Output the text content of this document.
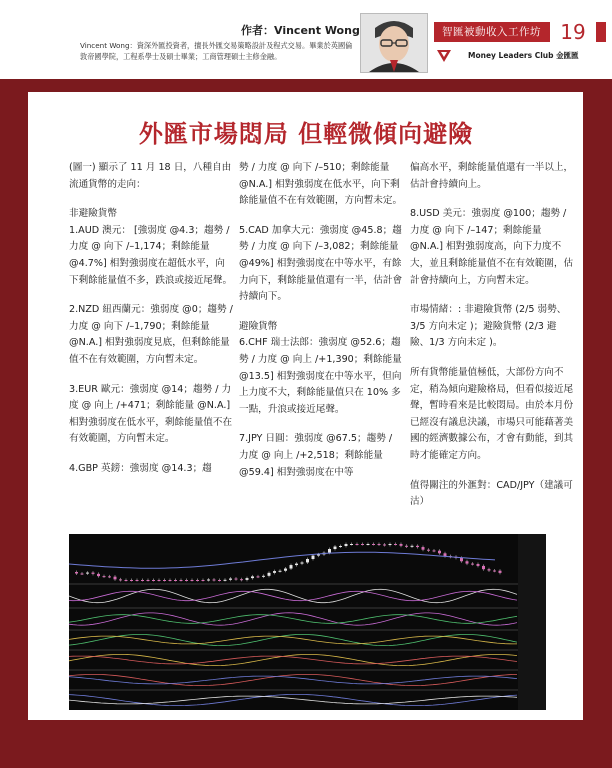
作者：Vincent Wong
Vincent Wong：資深外匯投資者，擅長外匯交易策略設計及程式交易。畢業於英國倫敦帝國學院，工程系學士及碩士畢業；工商管理碩士主修金融。
智匯被動收入工作坊 19
Money Leaders Club 金匯匯
外匯市場悶局 但輕微傾向避險

(圖一) 顯示了 11 月 18 日，八種自由流通貨幣的走向：

非避險貨幣
1.AUD 澳元： [強弱度 @4.3；趨勢 / 力度 @ 向下 /–1,174；剩餘能量 @4.7%] 相對強弱度在超低水平，向下剩餘能量值不多，跌浪或接近尾聲。

2.NZD 紐西蘭元：強弱度 @0；趨勢 / 力度 @ 向下 /–1,790；剩餘能量 @N.A.] 相對強弱度見底，但剩餘能量值不在有效範圍，方向暫未定。

3.EUR 歐元：強弱度 @14；趨勢 / 力度 @ 向上 /+471；剩餘能量 @N.A.] 相對強弱度在低水平，剩餘能量值不在有效範圍，方向暫未定。

4.GBP 英鎊：強弱度 @14.3；趨

勢 / 力度 @ 向下 /–510；剩餘能量 @N.A.] 相對強弱度在低水平，向下剩餘能量值不在有效範圍，方向暫未定。

5.CAD 加拿大元：強弱度 @45.8；趨勢 / 力度 @ 向下 /–3,082；剩餘能量 @49%] 相對強弱度在中等水平，有餘力向下，剩餘能量值還有一半，估計會持續向下。

避險貨幣
6.CHF 瑞士法郎：強弱度 @52.6；趨勢 / 力度 @ 向上 /+1,390；剩餘能量 @13.5] 相對強弱度在中等水平，但向上力度不大，剩餘能量值只在 10% 多一點，升浪或接近尾聲。

7.JPY 日圓：強弱度 @67.5；趨勢 / 力度 @ 向上 /+2,518；剩餘能量 @59.4] 相對強弱度在中等

偏高水平，剩餘能量值還有一半以上，估計會持續向上。

8.USD 美元：強弱度 @100；趨勢 / 力度 @ 向下 /–147；剩餘能量 @N.A.] 相對強弱度高，向下力度不大，並且剩餘能量值不在有效範圍，估計會持續向上，方向暫未定。

市場情緒：: 非避險貨幣 (2/5 弱勢、3/5 方向未定 )；避險貨幣 (2/3 避險、1/3 方向未定 )。

所有貨幣能量值極低，大部份方向不定，稍為傾向避險格局，但看似接近尾聲，暫時看來是比較悶局。由於本月份已經沒有議息決議，市場只可能藉著美國的經濟數據公布，才會有動能，到其時才能確定方向。

值得關注的外滙對：CAD/JPY（建議可沽）
